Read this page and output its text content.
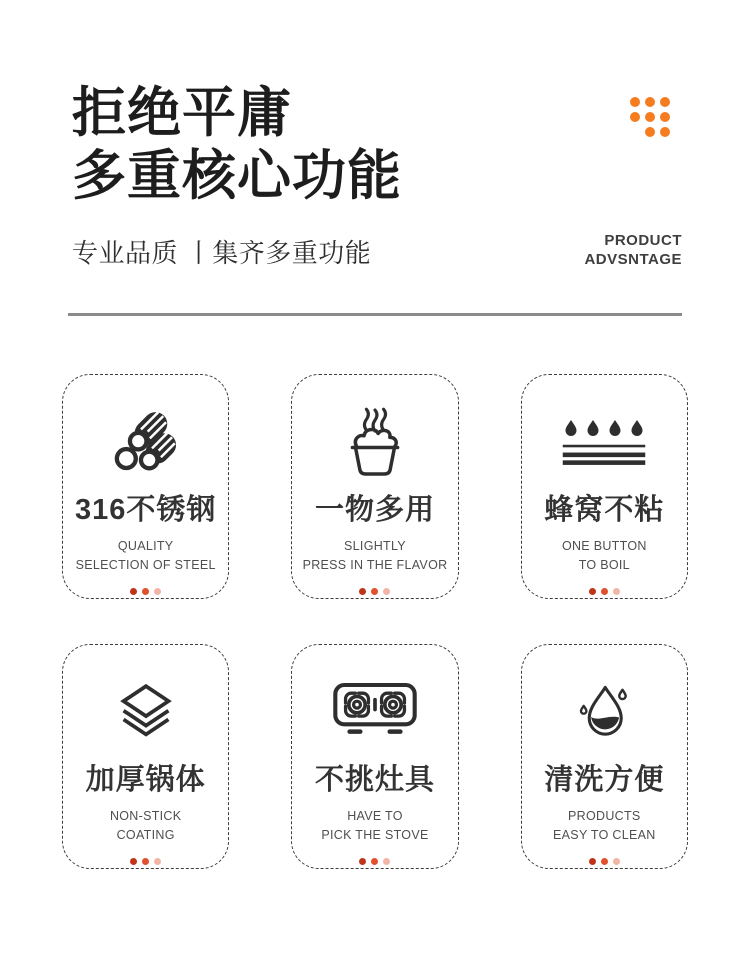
拒绝平庸
多重核心功能
专业品质 丨集齐多重功能	PRODUCT
ADVSNTAGE
316不锈钢
QUALITY
SELECTION OF STEEL
一物多用
SLIGHTLY
PRESS IN THE FLAVOR
蜂窝不粘
ONE BUTTON
TO BOIL
加厚锅体
NON-STICK
COATING
不挑灶具
HAVE TO
PICK THE STOVE
清洗方便
PRODUCTS
EASY TO CLEAN
